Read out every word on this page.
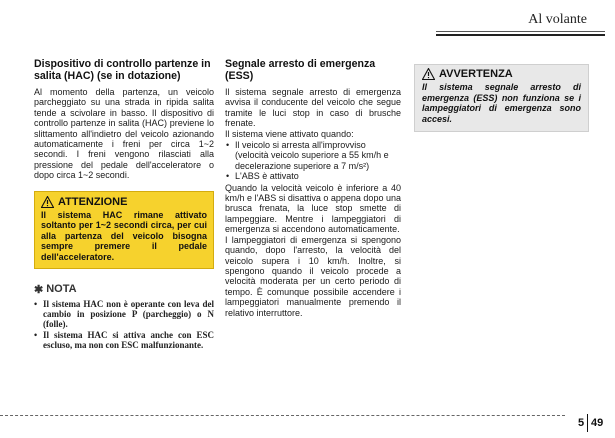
Al volante
Dispositivo di controllo partenze in salita (HAC) (se in dotazione)

Al momento della partenza, un veicolo parcheggiato su una strada in ripida salita tende a scivolare in basso. Il dispositivo di controllo partenze in salita (HAC) previene lo slittamento all'indietro del veicolo azionando automaticamente i freni per circa 1~2 secondi. I freni vengono rilasciati alla pressione del pedale dell'acceleratore o dopo circa 1~2 secondi.

ATTENZIONE

Il sistema HAC rimane attivato soltanto per 1~2 secondi circa, per cui alla partenza del veicolo bisogna sempre premere il pedale dell'acceleratore.

✱ NOTA
• Il sistema HAC non è operante con leva del cambio in posizione P (parcheggio) o N (folle).
• Il sistema HAC si attiva anche con ESC escluso, ma non con ESC malfunzionante.
Segnale arresto di emergenza (ESS)

Il sistema segnale arresto di emergenza avvisa il conducente del veicolo che segue tramite le luci stop in caso di brusche frenate.

Il sistema viene attivato quando:

• Il veicolo si arresta all'improvviso (velocità veicolo superiore a 55 km/h e decelerazione superiore a 7 m/s²)
• L'ABS è attivato

Quando la velocità veicolo è inferiore a 40 km/h e l'ABS si disattiva o appena dopo una brusca frenata, la luce stop smette di lampeggiare. Mentre i lampeggiatori di emergenza si accendono automaticamente.

I lampeggiatori di emergenza si spengono quando, dopo l'arresto, la velocità del veicolo supera i 10 km/h. Inoltre, si spengono quando il veicolo procede a velocità moderata per un certo periodo di tempo. È comunque possibile accendere i lampeggiatori manualmente premendo il relativo interruttore.

AVVERTENZA

Il sistema segnale arresto di emergenza (ESS) non funziona se i lampeggiatori di emergenza sono accesi.

5 49
